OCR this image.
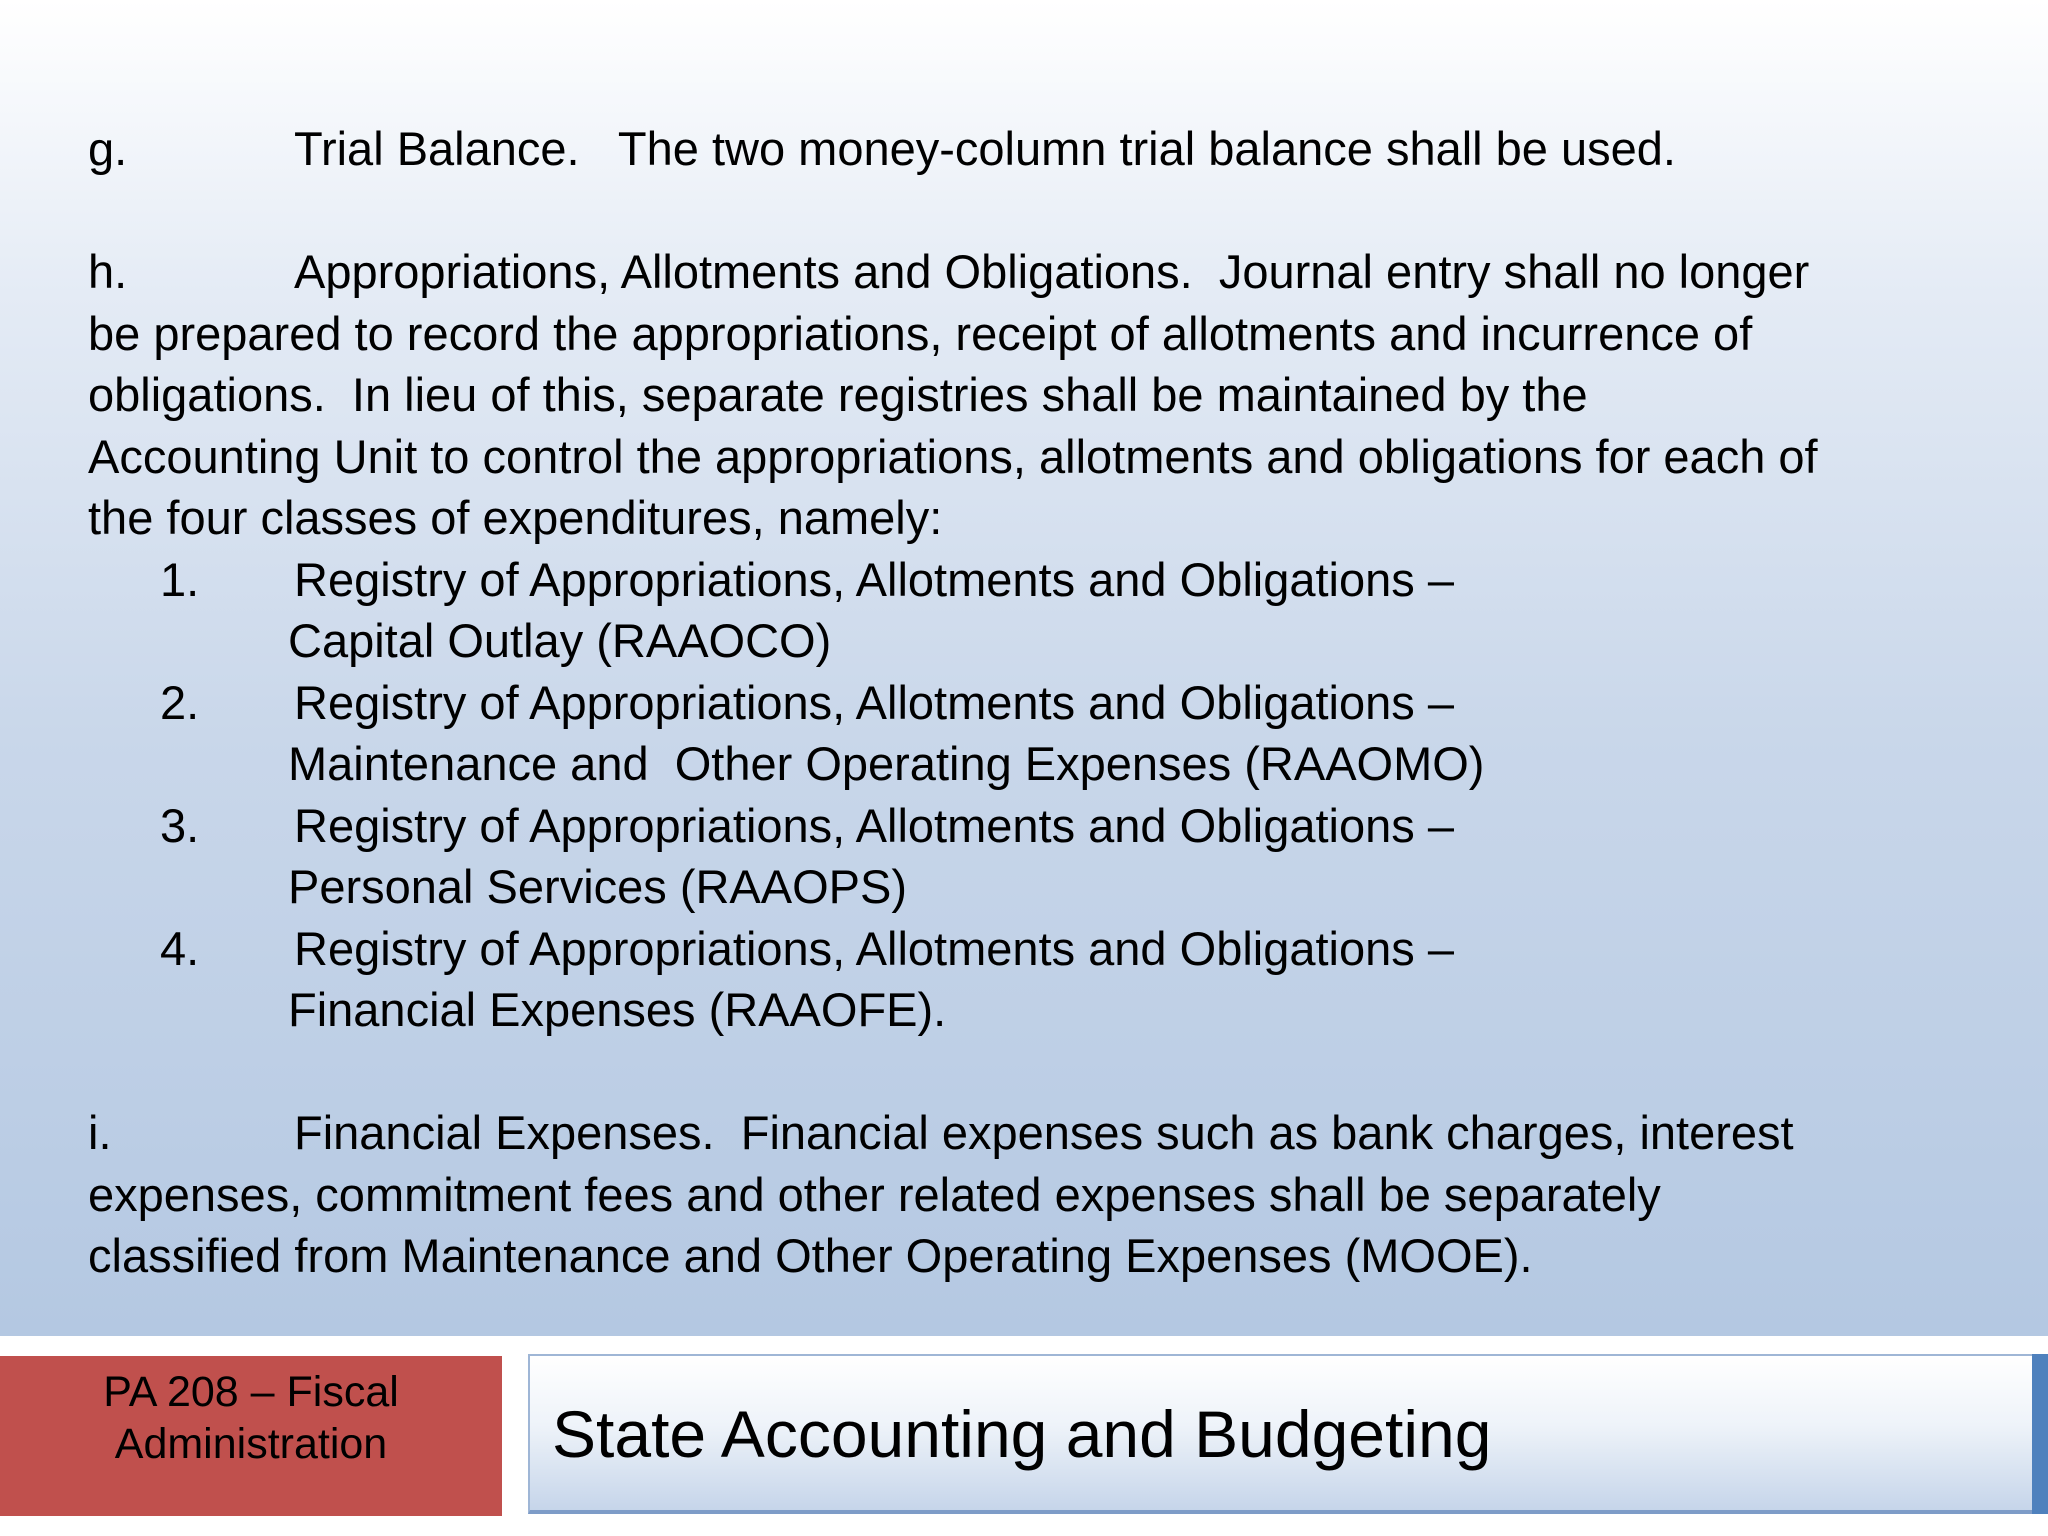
g.	Trial Balance.   The two money-column trial balance shall be used.
h.	Appropriations, Allotments and Obligations.  Journal entry shall no longer
be prepared to record the appropriations, receipt of allotments and incurrence of
obligations.  In lieu of this, separate registries shall be maintained by the
Accounting Unit to control the appropriations, allotments and obligations for each of
the four classes of expenditures, namely:
1. Registry of Appropriations, Allotments and Obligations –
Capital Outlay (RAAOCO)
2. Registry of Appropriations, Allotments and Obligations –
Maintenance and  Other Operating Expenses (RAAOMO)
3. Registry of Appropriations, Allotments and Obligations –
Personal Services (RAAOPS)
4. Registry of Appropriations, Allotments and Obligations –
Financial Expenses (RAAOFE).
i.	Financial Expenses.  Financial expenses such as bank charges, interest
expenses, commitment fees and other related expenses shall be separately
classified from Maintenance and Other Operating Expenses (MOOE).
PA 208 – Fiscal
Administration	State Accounting and Budgeting
